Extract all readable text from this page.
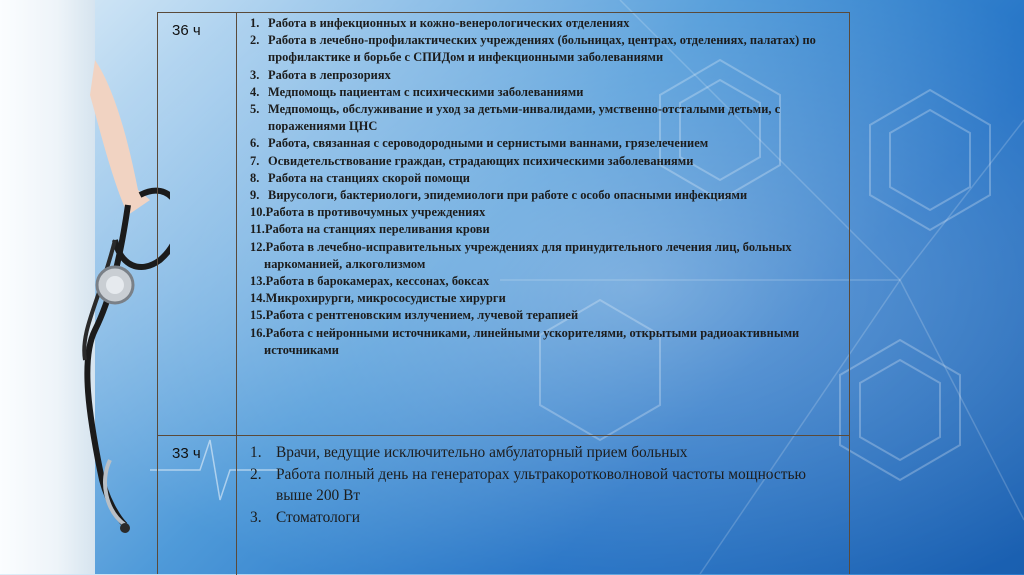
36 ч	1. Работа в инфекционных и кожно-венерологических отделениях
2. Работа в лечебно-профилактических учреждениях (больницах, центрах, отделениях, палатах) по профилактике и борьбе с СПИДом и инфекционными заболеваниями
3. Работа в лепрозориях
4. Медпомощь пациентам с психическими заболеваниями
5. Медпомощь, обслуживание и уход за детьми-инвалидами, умственно-отсталыми детьми, с поражениями ЦНС
6. Работа, связанная с сероводородными и сернистыми ваннами, грязелечением
7. Освидетельствование граждан, страдающих психическими заболеваниями
8. Работа на станциях скорой помощи
9. Вирусологи, бактериологи, эпидемиологи при работе с особо опасными инфекциями
10.Работа в противочумных учреждениях
11.Работа на станциях переливания крови
12.Работа в лечебно-исправительных учреждениях для принудительного лечения лиц, больных наркоманией, алкоголизмом
13.Работа в барокамерах, кессонах, боксах
14.Микрохирурги, микрососудистые хирурги
15.Работа с рентгеновским излучением, лучевой терапией
16.Работа с нейронными источниками, линейными ускорителями, открытыми радиоактивными источниками
33 ч	1. Врачи, ведущие исключительно амбулаторный прием больных
2. Работа полный день на генераторах ультракоротковолновой частоты мощностью выше 200 Вт
3. Стоматологи
